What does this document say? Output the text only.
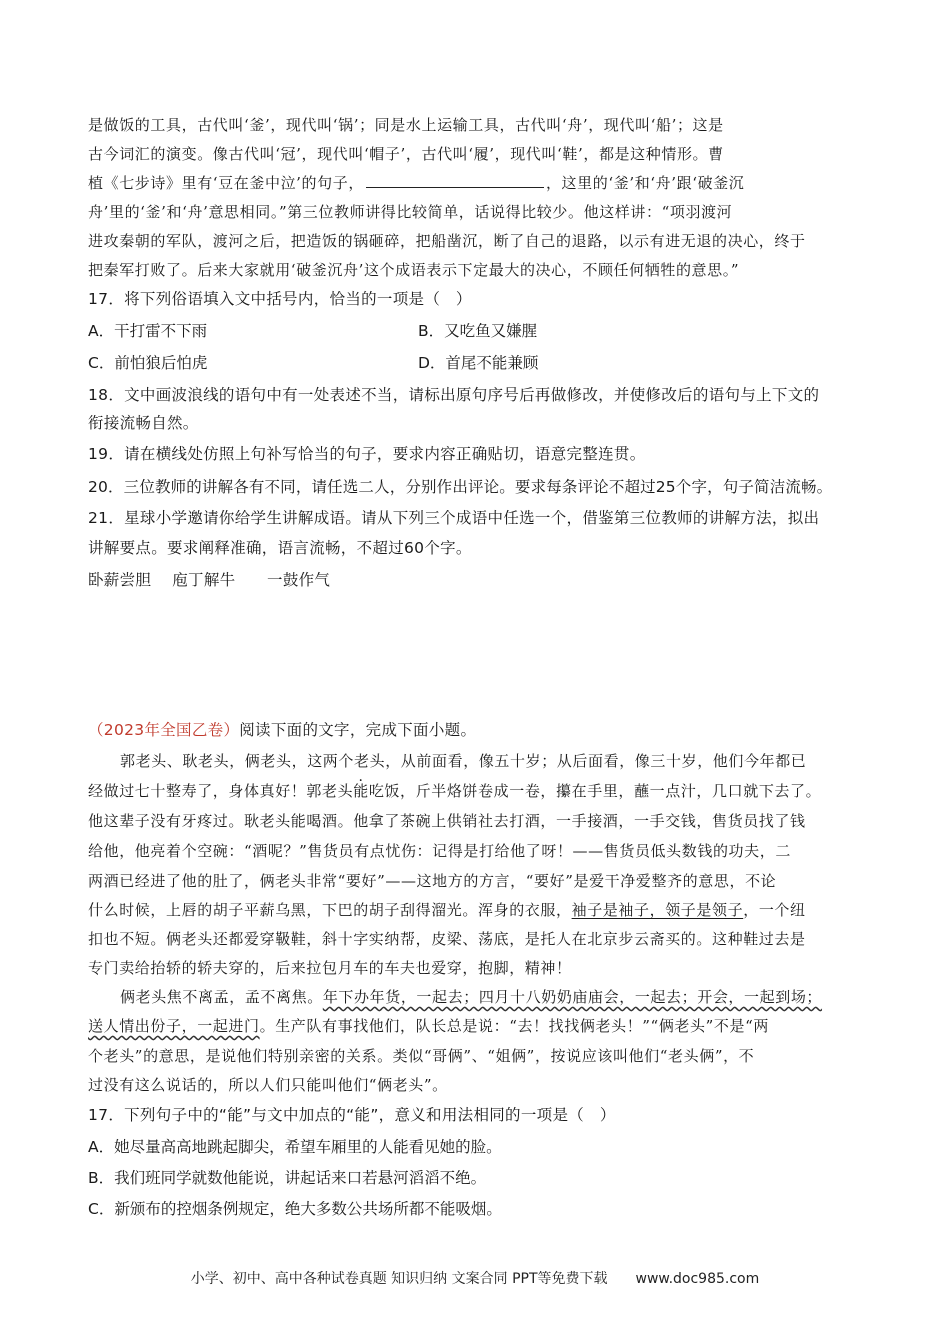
是做饭的工具，古代叫‘釜’，现代叫‘锅’；同是水上运输工具，古代叫‘舟’，现代叫‘船’；这是
古今词汇的演变。像古代叫‘冠’，现代叫‘帽子’，古代叫‘履’，现代叫‘鞋’，都是这种情形。曹
植《七步诗》里有‘豆在釜中泣’的句子，	，这里的‘釜’和‘舟’跟‘破釜沉
舟’里的‘釜’和‘舟’意思相同。”第三位教师讲得比较简单，话说得比较少。他这样讲：“项羽渡河
进攻秦朝的军队，渡河之后，把造饭的锅砸碎，把船凿沉，断了自己的退路，以示有进无退的决心，终于
把秦军打败了。后来大家就用‘破釜沉舟’这个成语表示下定最大的决心，不顾任何牺牲的意思。”
17．将下列俗语填入文中括号内，恰当的一项是（　）
A．干打雷不下雨	B．又吃鱼又嫌腥
C．前怕狼后怕虎	D．首尾不能兼顾
18．文中画波浪线的语句中有一处表述不当，请标出原句序号后再做修改，并使修改后的语句与上下文的
衔接流畅自然。
19．请在横线处仿照上句补写恰当的句子，要求内容正确贴切，语意完整连贯。
20．三位教师的讲解各有不同，请任选二人，分别作出评论。要求每条评论不超过25个字，句子简洁流畅。
21．星球小学邀请你给学生讲解成语。请从下列三个成语中任选一个，借鉴第三位教师的讲解方法，拟出
讲解要点。要求阐释准确，语言流畅，不超过60个字。
卧薪尝胆　 庖丁解牛　　一鼓作气
（2023年全国乙卷）阅读下面的文字，完成下面小题。
郭老头、耿老头，俩老头，这两个老头，从前面看，像五十岁；从后面看，像三十岁，他们今年都已
经做过七十整寿了，身体真好！郭老头能吃饭，斤半烙饼卷成一卷，攥在手里，蘸一点汁，几口就下去了。
他这辈子没有牙疼过。耿老头能喝酒。他拿了茶碗上供销社去打酒，一手接酒，一手交钱，售货员找了钱
给他，他亮着个空碗：“酒呢？”售货员有点忧伤：记得是打给他了呀！——售货员低头数钱的功夫，二
两酒已经进了他的肚了，俩老头非常“要好”——这地方的方言，“要好”是爱干净爱整齐的意思，不论
什么时候，上唇的胡子平薪乌黑，下巴的胡子刮得溜光。浑身的衣服，袖子是袖子，领子是领子，一个纽
扣也不短。俩老头还都爱穿靸鞋，斜十字实纳帮，皮梁、荡底，是托人在北京步云斋买的。这种鞋过去是
专门卖给抬轿的轿夫穿的，后来拉包月车的车夫也爱穿，抱脚，精神！
俩老头焦不离孟，孟不离焦。年下办年货，一起去；四月十八奶奶庙庙会，一起去；开会，一起到场；
送人情出份子，一起进门。生产队有事找他们，队长总是说：“去！找找俩老头！”“俩老头”不是“两
个老头”的意思，是说他们特别亲密的关系。类似“哥俩”、“姐俩”，按说应该叫他们“老头俩”，不
过没有这么说话的，所以人们只能叫他们“俩老头”。
17．下列句子中的“能”与文中加点的“能”，意义和用法相同的一项是（　）
A．她尽量高高地跳起脚尖，希望车厢里的人能看见她的脸。
B．我们班同学就数他能说，讲起话来口若悬河滔滔不绝。
C．新颁布的控烟条例规定，绝大多数公共场所都不能吸烟。
小学、初中、高中各种试卷真题 知识归纳 文案合同 PPT等免费下载　　www.doc985.com
